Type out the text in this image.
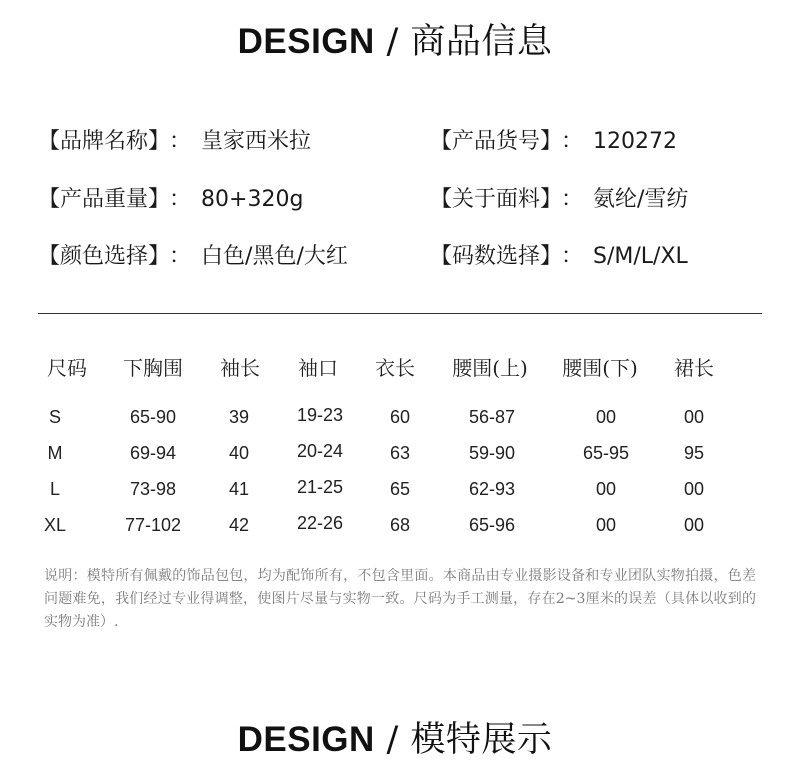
DESIGN / 商品信息
【品牌名称】 ： 皇家西米拉	【产品货号】 ： 120272
【产品重量】 ： 80+320g	【关于面料】 ： 氨纶/雪纺
【颜色选择】 ： 白色/黑色/大红	【码数选择】 ： S/M/L/XL
尺码 下胸围 袖长 袖口 衣长 腰围(上) 腰围(下) 裙长
S	65-90	39	19-23	60	56-87	00	00
M	69-94	40	20-24	63	59-90	65-95	95
L	73-98	41	21-25	65	62-93	00	00
XL	77-102	42	22-26	68	65-96	00	00
说明：模特所有佩戴的饰品包包，均为配饰所有，不包含里面。本商品由专业摄影设备和专业团队实物拍摄，色差问题难免，我们经过专业得调整，使图片尽量与实物一致。尺码为手工测量，存在2~3厘米的误差（具体以收到的实物为准）.
DESIGN / 模特展示
